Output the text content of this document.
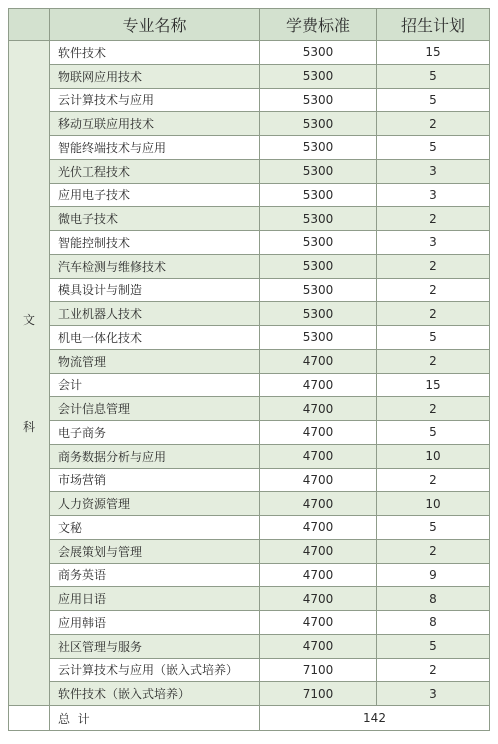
	专业名称	学费标准	招生计划

文
科	软件技术	5300	15
	物联网应用技术	5300	5
	云计算技术与应用	5300	5
	移动互联应用技术	5300	2
	智能终端技术与应用	5300	5
	光伏工程技术	5300	3
	应用电子技术	5300	3
	微电子技术	5300	2
	智能控制技术	5300	3
	汽车检测与维修技术	5300	2
	模具设计与制造	5300	2
	工业机器人技术	5300	2
	机电一体化技术	5300	5
	物流管理	4700	2
	会计	4700	15
	会计信息管理	4700	2
	电子商务	4700	5
	商务数据分析与应用	4700	10
	市场营销	4700	2
	人力资源管理	4700	10
	文秘	4700	5
	会展策划与管理	4700	2
	商务英语	4700	9
	应用日语	4700	8
	应用韩语	4700	8
	社区管理与服务	4700	5
	云计算技术与应用（嵌入式培养）	7100	2
	软件技术（嵌入式培养）	7100	3
	总  计	142	
